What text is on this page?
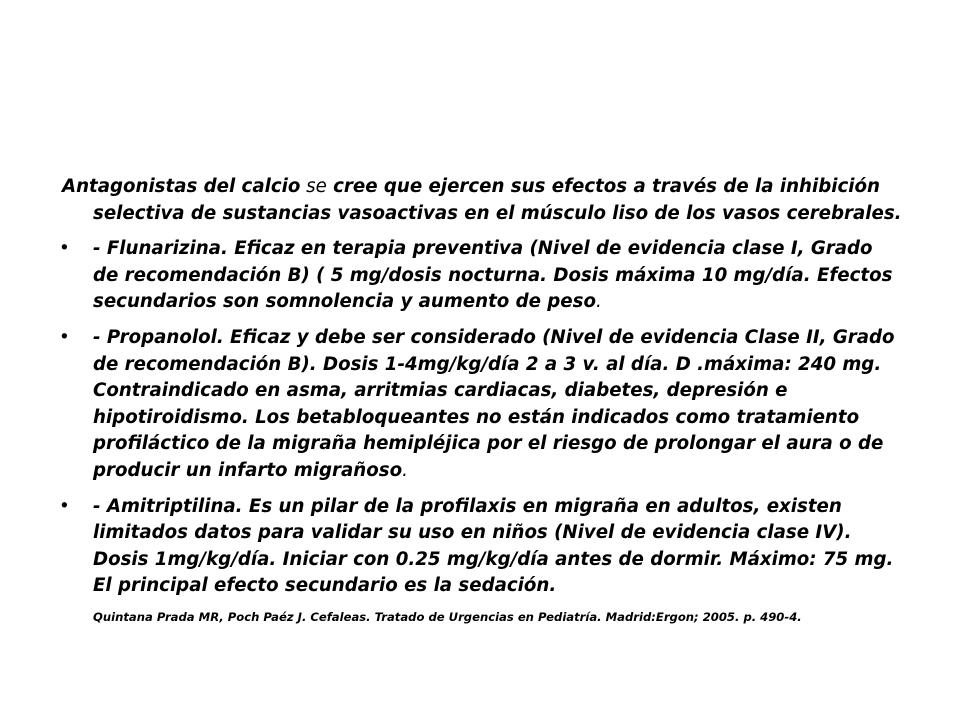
Antagonistas del calcio se cree que ejercen sus efectos a través de la inhibición selectiva de sustancias vasoactivas en el músculo liso de los vasos cerebrales.

• - Flunarizina. Eficaz en terapia preventiva (Nivel de evidencia clase I, Grado de recomendación B) ( 5 mg/dosis nocturna. Dosis máxima 10 mg/día. Efectos secundarios son somnolencia y aumento de peso.
• - Propanolol. Eficaz y debe ser considerado (Nivel de evidencia Clase II, Grado de recomendación B). Dosis 1-4mg/kg/día 2 a 3 v. al día. D .máxima: 240 mg. Contraindicado en asma, arritmias cardiacas, diabetes, depresión e hipotiroidismo. Los betabloqueantes no están indicados como tratamiento profiláctico de la migraña hemipléjica por el riesgo de prolongar el aura o de producir un infarto migrañoso.
• - Amitriptilina. Es un pilar de la profilaxis en migraña en adultos, existen limitados datos para validar su uso en niños (Nivel de evidencia clase IV). Dosis 1mg/kg/día. Iniciar con 0.25 mg/kg/día antes de dormir. Máximo: 75 mg. El principal efecto secundario es la sedación.

Quintana Prada MR, Poch Paéz J. Cefaleas. Tratado de Urgencias en Pediatría. Madrid:Ergon; 2005. p. 490-4.
